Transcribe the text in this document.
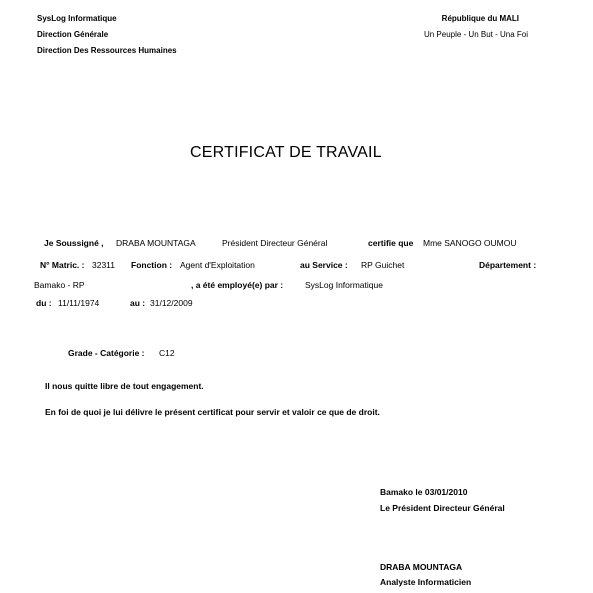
SysLog Informatique
Direction Générale
Direction Des Ressources Humaines
République du MALI
Un Peuple - Un But - Una Foi
CERTIFICAT DE TRAVAIL
Je Soussigné , DRABA MOUNTAGA	Président Directeur Général	certifie que Mme SANOGO OUMOU
N° Matric. : 32311 Fonction : Agent d'Exploitation	au Service : RP Guichet	Département :
Bamako - RP	, a été employé(e) par :	SysLog Informatique
du : 11/11/1974	au : 31/12/2009
Grade - Catégorie : C12
Il nous quitte libre de tout engagement.
En foi de quoi je lui délivre le présent certificat pour servir et valoir ce que de droit.
Bamako le 03/01/2010
Le Président Directeur Général
DRABA MOUNTAGA
Analyste Informaticien
